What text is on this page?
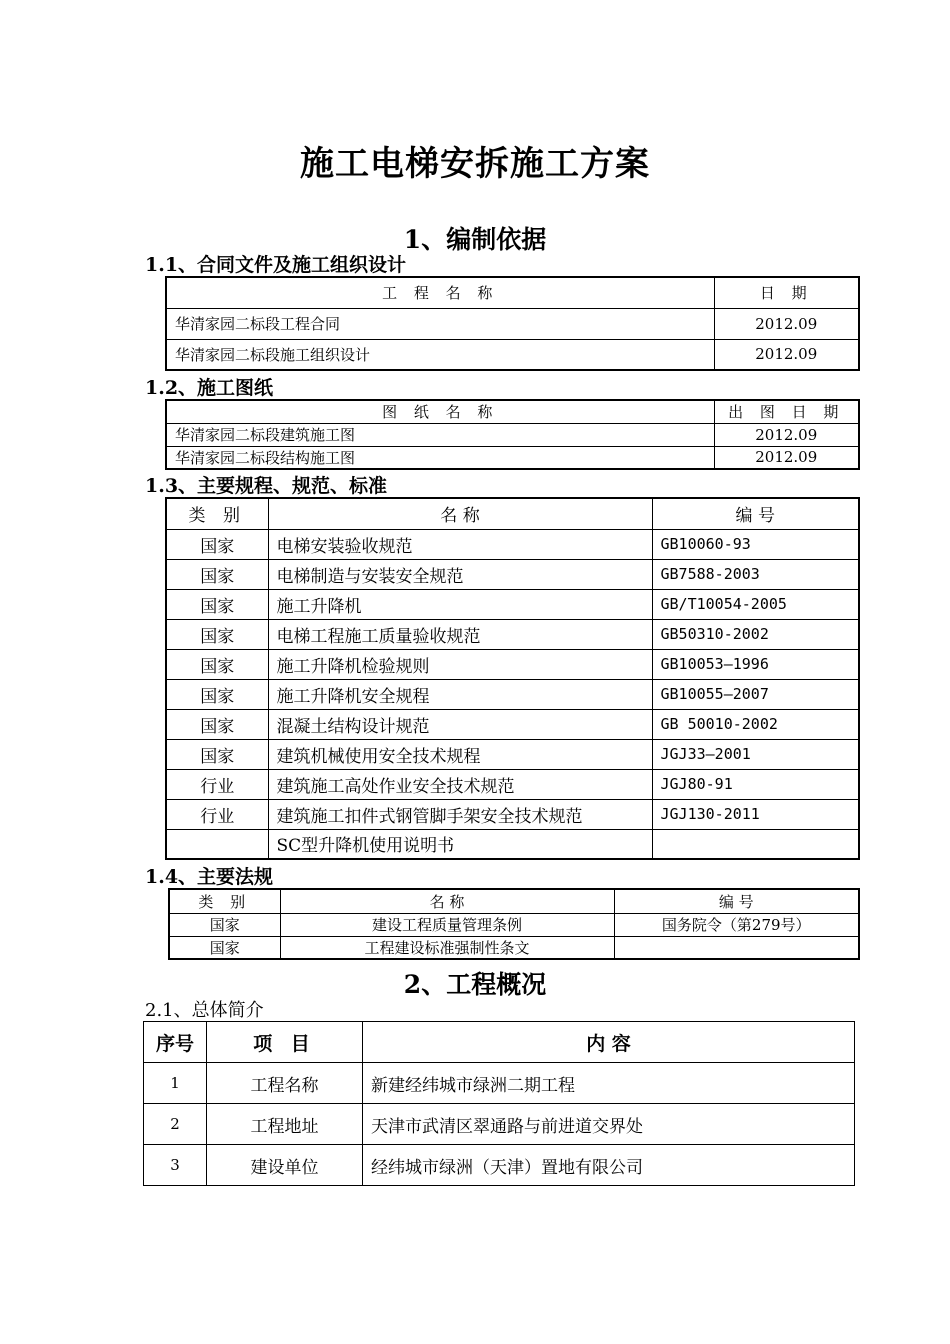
施工电梯安拆施工方案
1、编制依据
1.1、合同文件及施工组织设计
工 程 名 称	日 期
华清家园二标段工程合同	2012.09
华清家园二标段施工组织设计	2012.09
1.2、施工图纸
图 纸 名 称	出 图 日 期
华清家园二标段建筑施工图	2012.09
华清家园二标段结构施工图	2012.09
1.3、主要规程、规范、标准
类 别	名 称	编 号
国家	电梯安装验收规范	GB10060-93
国家	电梯制造与安装安全规范	GB7588-2003
国家	施工升降机	GB/T10054-2005
国家	电梯工程施工质量验收规范	GB50310-2002
国家	施工升降机检验规则	GB10053—1996
国家	施工升降机安全规程	GB10055—2007
国家	混凝土结构设计规范	GB 50010-2002
国家	建筑机械使用安全技术规程	JGJ33—2001
行业	建筑施工高处作业安全技术规范	JGJ80-91
行业	建筑施工扣件式钢管脚手架安全技术规范	JGJ130-2011
	SC型升降机使用说明书	
1.4、主要法规
类 别	名 称	编 号
国家	建设工程质量管理条例	国务院令（第279号）
国家	工程建设标准强制性条文	
2、工程概况
2.1、总体简介
序号	项 目	内 容
1	工程名称	新建经纬城市绿洲二期工程
2	工程地址	天津市武清区翠通路与前进道交界处
3	建设单位	经纬城市绿洲（天津）置地有限公司
